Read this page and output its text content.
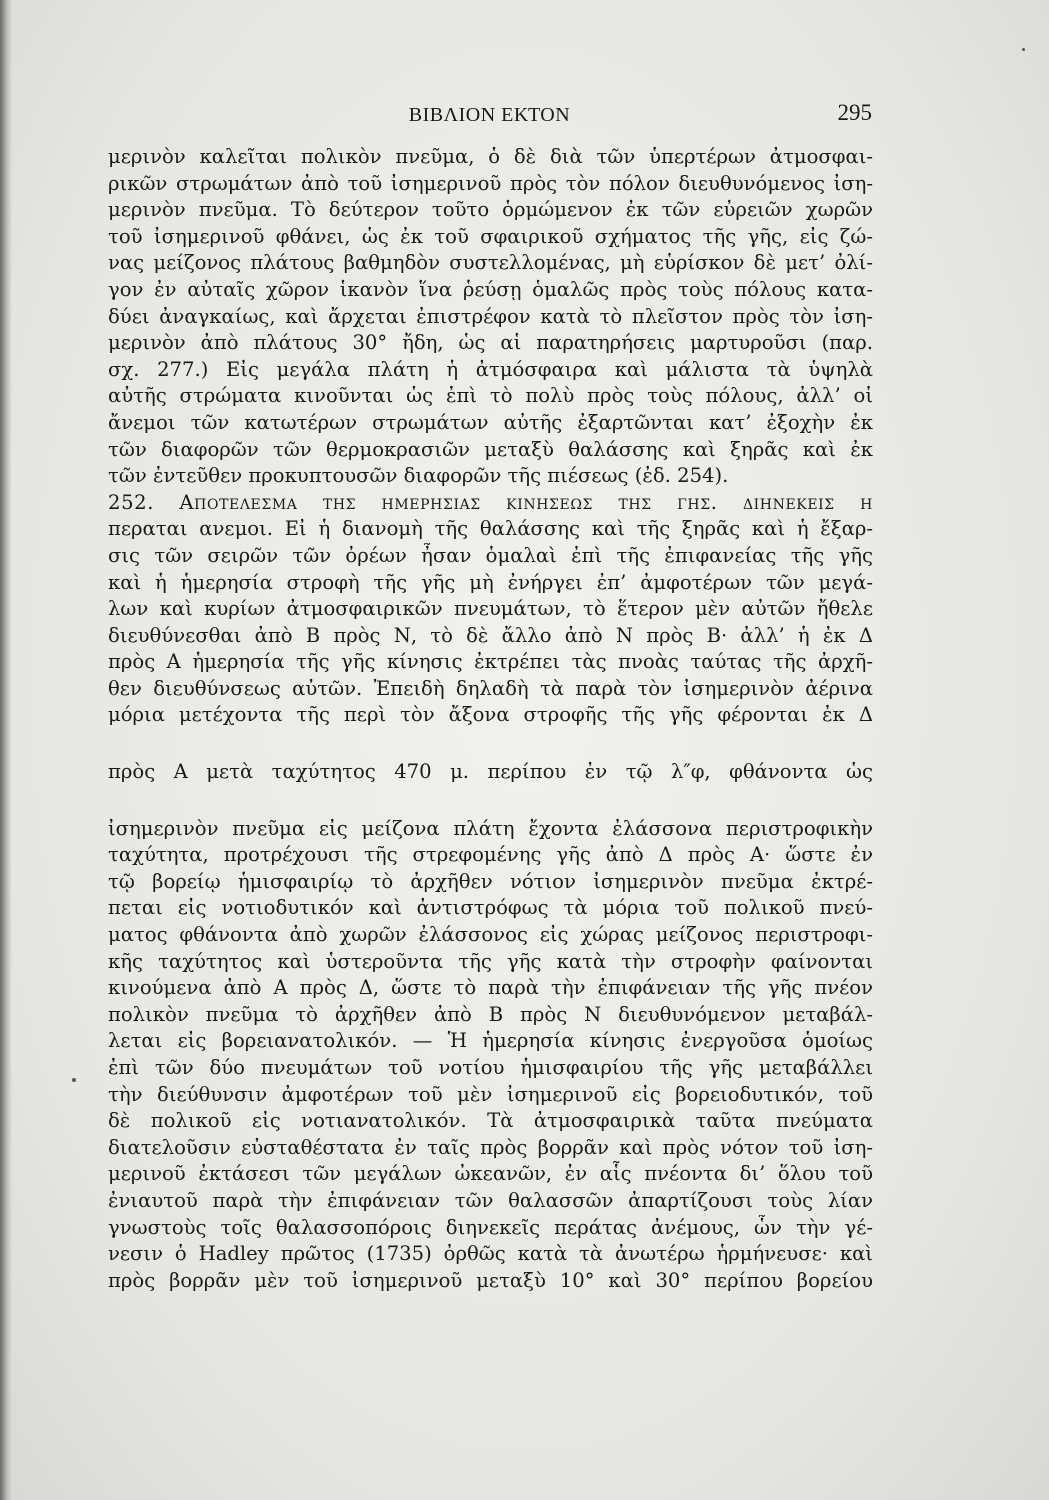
ΒΙΒΛΙΟΝ ΕΚΤΟΝ	295
μερινὸν καλεῖται πολικὸν πνεῦμα, ὁ δὲ διὰ τῶν ὑπερτέρων ἀτμοσφαι-
ρικῶν στρωμάτων ἀπὸ τοῦ ἰσημερινοῦ πρὸς τὸν πόλον διευθυνόμενος ἰση-
μερινὸν πνεῦμα. Τὸ δεύτερον τοῦτο ὁρμώμενον ἐκ τῶν εὐρειῶν χωρῶν
τοῦ ἰσημερινοῦ φθάνει, ὡς ἐκ τοῦ σφαιρικοῦ σχήματος τῆς γῆς, εἰς ζώ-
νας μείζονος πλάτους βαθμηδὸν συστελλομένας, μὴ εὑρίσκον δὲ μετ’ ὀλί-
γον ἐν αὐταῖς χῶρον ἱκανὸν ἵνα ῥεύσῃ ὁμαλῶς πρὸς τοὺς πόλους κατα-
δύει ἀναγκαίως, καὶ ἄρχεται ἐπιστρέφον κατὰ τὸ πλεῖστον πρὸς τὸν ἰση-
μερινὸν ἀπὸ πλάτους 30° ἤδη, ὡς αἱ παρατηρήσεις μαρτυροῦσι (παρ.
σχ. 277.) Εἰς μεγάλα πλάτη ἡ ἀτμόσφαιρα καὶ μάλιστα τὰ ὑψηλὰ
αὐτῆς στρώματα κινοῦνται ὡς ἐπὶ τὸ πολὺ πρὸς τοὺς πόλους, ἀλλ’ οἱ
ἄνεμοι τῶν κατωτέρων στρωμάτων αὐτῆς ἐξαρτῶνται κατ’ ἐξοχὴν ἐκ
τῶν διαφορῶν τῶν θερμοκρασιῶν μεταξὺ θαλάσσης καὶ ξηρᾶς καὶ ἐκ
τῶν ἐντεῦθεν προκυπτουσῶν διαφορῶν τῆς πιέσεως (ἐδ. 254).
252. Αποτελεσμα της ημερησιας κινησεως της γης. διηνεκεις η
περαται ανεμοι. Εἰ ἡ διανομὴ τῆς θαλάσσης καὶ τῆς ξηρᾶς καὶ ἡ ἔξαρ-
σις τῶν σειρῶν τῶν ὀρέων ἦσαν ὁμαλαὶ ἐπὶ τῆς ἐπιφανείας τῆς γῆς
καὶ ἡ ἡμερησία στροφὴ τῆς γῆς μὴ ἐνήργει ἐπ’ ἀμφοτέρων τῶν μεγά-
λων καὶ κυρίων ἀτμοσφαιρικῶν πνευμάτων, τὸ ἕτερον μὲν αὐτῶν ἤθελε
διευθύνεσθαι ἀπὸ Β πρὸς Ν, τὸ δὲ ἄλλο ἀπὸ Ν πρὸς Β· ἀλλ’ ἡ ἐκ Δ
πρὸς Α ἡμερησία τῆς γῆς κίνησις ἐκτρέπει τὰς πνοὰς ταύτας τῆς ἀρχῆ-
θεν διευθύνσεως αὐτῶν. Ἐπειδὴ δηλαδὴ τὰ παρὰ τὸν ἰσημερινὸν ἀέρινα
μόρια μετέχοντα τῆς περὶ τὸν ἄξονα στροφῆς τῆς γῆς φέρονται ἐκ Δ
πρὸς Α μετὰ ταχύτητος 470 μ. περίπου ἐν τῷ λ″φ, φθάνοντα ὡς
ἰσημερινὸν πνεῦμα εἰς μείζονα πλάτη ἔχοντα ἐλάσσονα περιστροφικὴν
ταχύτητα, προτρέχουσι τῆς στρεφομένης γῆς ἀπὸ Δ πρὸς Α· ὥστε ἐν
τῷ βορείῳ ἡμισφαιρίῳ τὸ ἀρχῆθεν νότιον ἰσημερινὸν πνεῦμα ἐκτρέ-
πεται εἰς νοτιοδυτικόν καὶ ἀντιστρόφως τὰ μόρια τοῦ πολικοῦ πνεύ-
ματος φθάνοντα ἀπὸ χωρῶν ἐλάσσονος εἰς χώρας μείζονος περιστροφι-
κῆς ταχύτητος καὶ ὑστεροῦντα τῆς γῆς κατὰ τὴν στροφὴν φαίνονται
κινούμενα ἀπὸ Α πρὸς Δ, ὥστε τὸ παρὰ τὴν ἐπιφάνειαν τῆς γῆς πνέον
πολικὸν πνεῦμα τὸ ἀρχῆθεν ἀπὸ Β πρὸς Ν διευθυνόμενον μεταβάλ-
λεται εἰς βορειανατολικόν. — Ἡ ἡμερησία κίνησις ἐνεργοῦσα ὁμοίως
ἐπὶ τῶν δύο πνευμάτων τοῦ νοτίου ἡμισφαιρίου τῆς γῆς μεταβάλλει
τὴν διεύθυνσιν ἀμφοτέρων τοῦ μὲν ἰσημερινοῦ εἰς βορειοδυτικόν, τοῦ
δὲ πολικοῦ εἰς νοτιανατολικόν. Τὰ ἀτμοσφαιρικὰ ταῦτα πνεύματα
διατελοῦσιν εὐσταθέστατα ἐν ταῖς πρὸς βορρᾶν καὶ πρὸς νότον τοῦ ἰση-
μερινοῦ ἐκτάσεσι τῶν μεγάλων ὠκεανῶν, ἐν αἷς πνέοντα δι’ ὅλου τοῦ
ἐνιαυτοῦ παρὰ τὴν ἐπιφάνειαν τῶν θαλασσῶν ἀπαρτίζουσι τοὺς λίαν
γνωστοὺς τοῖς θαλασσοπόροις διηνεκεῖς περάτας ἀνέμους, ὧν τὴν γέ-
νεσιν ὁ Hadley πρῶτος (1735) ὀρθῶς κατὰ τὰ ἀνωτέρω ἡρμήνευσε· καὶ
πρὸς βορρᾶν μὲν τοῦ ἰσημερινοῦ μεταξὺ 10° καὶ 30° περίπου βορείου
